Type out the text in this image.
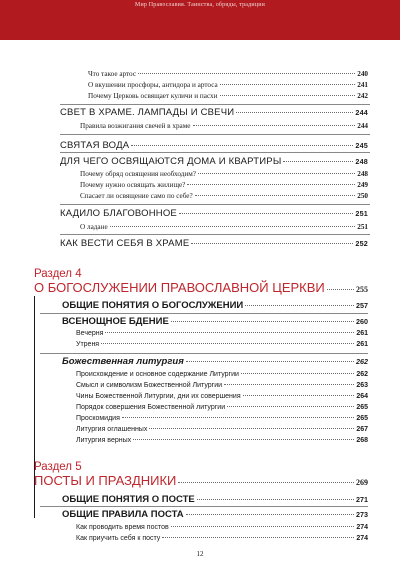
Мир Православия. Таинства, обряды, традиции
Что такое артос	240
О вкушении просфоры, антидора и артоса	241
Почему Церковь освящает куличи и пасхи	242
СВЕТ В ХРАМЕ. ЛАМПАДЫ И СВЕЧИ	244
Правила возжигания свечей в храме	244
СВЯТАЯ ВОДА	245
ДЛЯ ЧЕГО ОСВЯЩАЮТСЯ ДОМА И КВАРТИРЫ	248
Почему обряд освящения необходим?	248
Почему нужно освящать жилище?	249
Спасает ли освящение само по себе?	250
КАДИЛО БЛАГОВОННОЕ	251
О ладане	251
КАК ВЕСТИ СЕБЯ В ХРАМЕ	252
Раздел 4
О БОГОСЛУЖЕНИИ ПРАВОСЛАВНОЙ ЦЕРКВИ	255
ОБЩИЕ ПОНЯТИЯ О БОГОСЛУЖЕНИИ	257
ВСЕНОЩНОЕ БДЕНИЕ	260
Вечерня	261
Утреня	261
Божественная литургия	262
Происхождение и основное содержание Литургии	262
Смысл и символизм Божественной Литургии	263
Чины Божественной Литургии, дни их совершения	264
Порядок совершения Божественной литургии	265
Проскомидия	265
Литургия оглашенных	267
Литургия верных	268
Раздел 5
ПОСТЫ И ПРАЗДНИКИ	269
ОБЩИЕ ПОНЯТИЯ О ПОСТЕ	271
ОБЩИЕ ПРАВИЛА ПОСТА	273
Как проводить время постов	274
Как приучить себя к посту	274
12
